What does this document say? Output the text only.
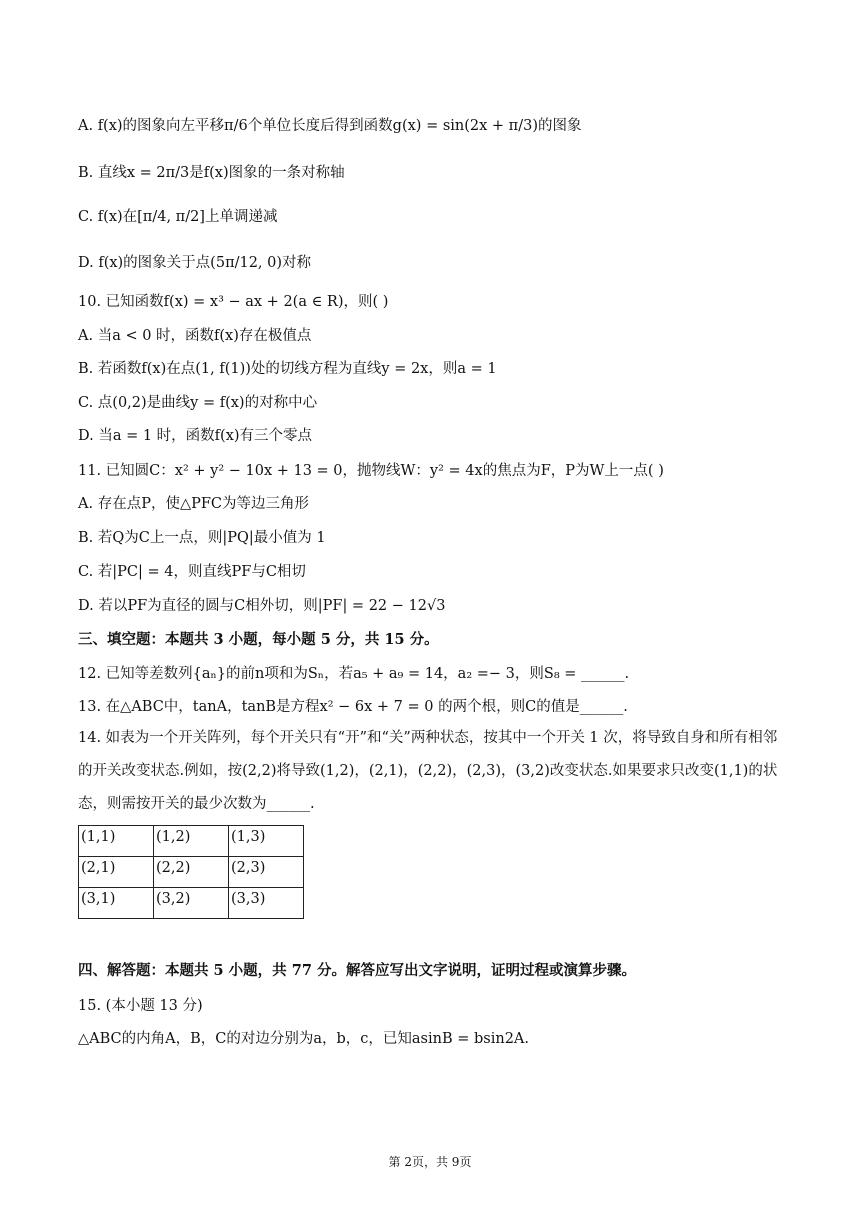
A. f(x)的图象向左平移π/6个单位长度后得到函数g(x) = sin(2x + π/3)的图象
B. 直线x = 2π/3是f(x)图象的一条对称轴
C. f(x)在[π/4, π/2]上单调递减
D. f(x)的图象关于点(5π/12, 0)对称
10. 已知函数f(x) = x³ − ax + 2(a ∈ R)，则( )
A. 当a < 0 时，函数f(x)存在极值点
B. 若函数f(x)在点(1, f(1))处的切线方程为直线y = 2x，则a = 1
C. 点(0,2)是曲线y = f(x)的对称中心
D. 当a = 1 时，函数f(x)有三个零点
11. 已知圆C：x² + y² − 10x + 13 = 0，抛物线W：y² = 4x的焦点为F，P为W上一点( )
A. 存在点P，使△PFC为等边三角形
B. 若Q为C上一点，则|PQ|最小值为 1
C. 若|PC| = 4，则直线PF与C相切
D. 若以PF为直径的圆与C相外切，则|PF| = 22 − 12√3
三、填空题：本题共 3 小题，每小题 5 分，共 15 分。
12. 已知等差数列{aₙ}的前n项和为Sₙ，若a₅ + a₉ = 14，a₂ =− 3，则S₈ = ______.
13. 在△ABC中，tanA，tanB是方程x² − 6x + 7 = 0 的两个根，则C的值是______.
14. 如表为一个开关阵列，每个开关只有“开”和“关”两种状态，按其中一个开关 1 次，将导致自身和所有相邻的开关改变状态.例如，按(2,2)将导致(1,2)，(2,1)，(2,2)，(2,3)，(3,2)改变状态.如果要求只改变(1,1)的状态，则需按开关的最少次数为______.
(1,1)	(1,2)	(1,3)
(2,1)	(2,2)	(2,3)
(3,1)	(3,2)	(3,3)
四、解答题：本题共 5 小题，共 77 分。解答应写出文字说明，证明过程或演算步骤。
15. (本小题 13 分)
△ABC的内角A，B，C的对边分别为a，b，c，已知asinB = bsin2A.
第 2页，共 9页
